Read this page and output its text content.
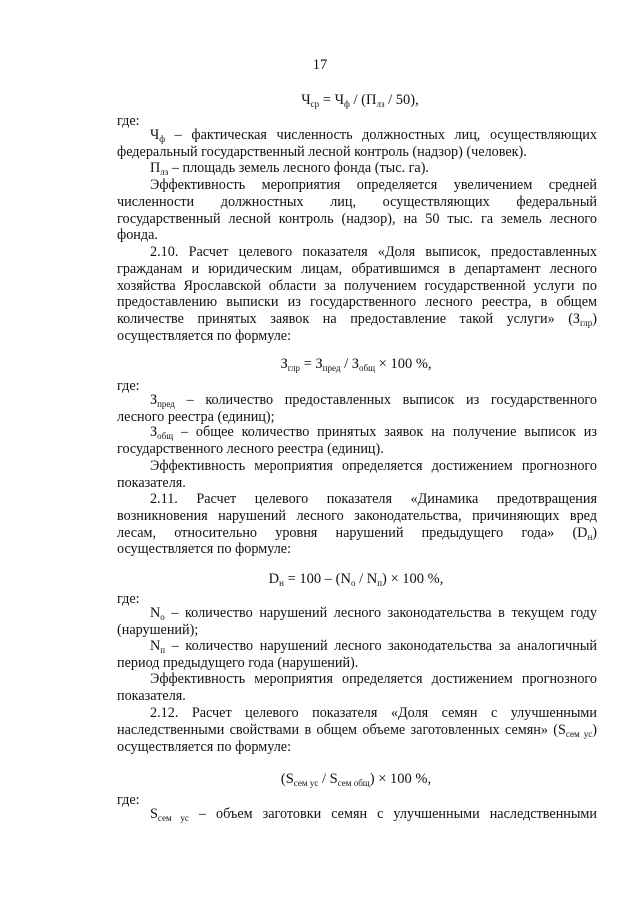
17
$Ч_{ср} = Ч_ф / (П_{лз} / 50)$,
где:

$Ч_ф$ – фактическая численность должностных лиц, осуществляющих федеральный государственный лесной контроль (надзор) (человек).

$П_{лз}$ – площадь земель лесного фонда (тыс. га).

Эффективность мероприятия определяется увеличением средней численности должностных лиц, осуществляющих федеральный государственный лесной контроль (надзор), на 50 тыс. га земель лесного фонда.

2.10. Расчет целевого показателя «Доля выписок, предоставленных гражданам и юридическим лицам, обратившимся в департамент лесного хозяйства Ярославской области за получением государственной услуги по предоставлению выписки из государственного лесного реестра, в общем количестве принятых заявок на предоставление такой услуги» $(З_{глр})$ осуществляется по формуле:

$З_{глр} = З_{пред} / З_{общ} \times 100$ %,
где:

$З_{пред}$ – количество предоставленных выписок из государственного лесного реестра (единиц);

$З_{общ}$ – общее количество принятых заявок на получение выписок из государственного лесного реестра (единиц).

Эффективность мероприятия определяется достижением прогнозного показателя.

2.11. Расчет целевого показателя «Динамика предотвращения возникновения нарушений лесного законодательства, причиняющих вред лесам, относительно уровня нарушений предыдущего года» $(D_н)$ осуществляется по формуле:

$D_н = 100 - (N_о / N_п) \times 100$ %,
где:

$N_о$ – количество нарушений лесного законодательства в текущем году (нарушений);

$N_п$ – количество нарушений лесного законодательства за аналогичный период предыдущего года (нарушений).

Эффективность мероприятия определяется достижением прогнозного показателя.

2.12. Расчет целевого показателя «Доля семян с улучшенными наследственными свойствами в общем объеме заготовленных семян» $(S_{сем ус})$ осуществляется по формуле:

$(S_{сем ус} / S_{сем общ}) \times 100$ %,
где:

$S_{сем ус}$ – объем заготовки семян с улучшенными наследственными
